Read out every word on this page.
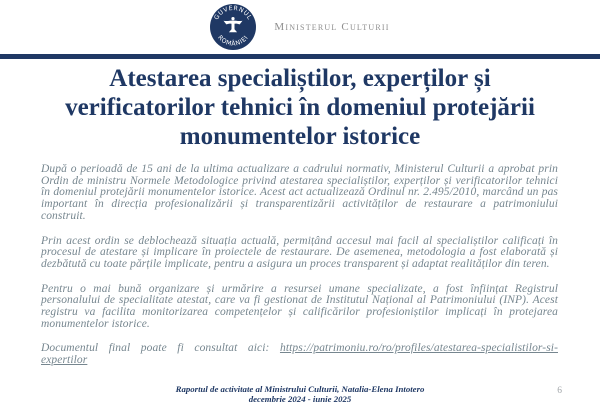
GUVERNUL
ROMÂNIEI
Ministerul Culturii
Atestarea specialiștilor, experților și
verificatorilor tehnici în domeniul protejării
monumentelor istorice

După o perioadă de 15 ani de la ultima actualizare a cadrului normativ, Ministerul Culturii a aprobat prin Ordin de ministru Normele Metodologice privind atestarea specialiștilor, experților și verificatorilor tehnici în domeniul protejării monumentelor istorice. Acest act actualizează Ordinul nr. 2.495/2010, marcând un pas important în direcția profesionalizării și transparentizării activităților de restaurare a patrimoniului construit.

Prin acest ordin se deblochează situația actuală, permițând accesul mai facil al specialiștilor calificați în procesul de atestare și implicare în proiectele de restaurare. De asemenea, metodologia a fost elaborată și dezbătută cu toate părțile implicate, pentru a asigura un proces transparent și adaptat realităților din teren.

Pentru o mai bună organizare și urmărire a resursei umane specializate, a fost înființat Registrul personalului de specialitate atestat, care va fi gestionat de Institutul Național al Patrimoniului (INP). Acest registru va facilita monitorizarea competențelor și calificărilor profesioniștilor implicați în protejarea monumentelor istorice.

Documentul final poate fi consultat aici: https://patrimoniu.ro/ro/profiles/atestarea-specialistilor-si-expertilor

Raportul de activitate al Ministrului Culturii, Natalia-Elena Intotero
decembrie 2024 - iunie 2025
6
